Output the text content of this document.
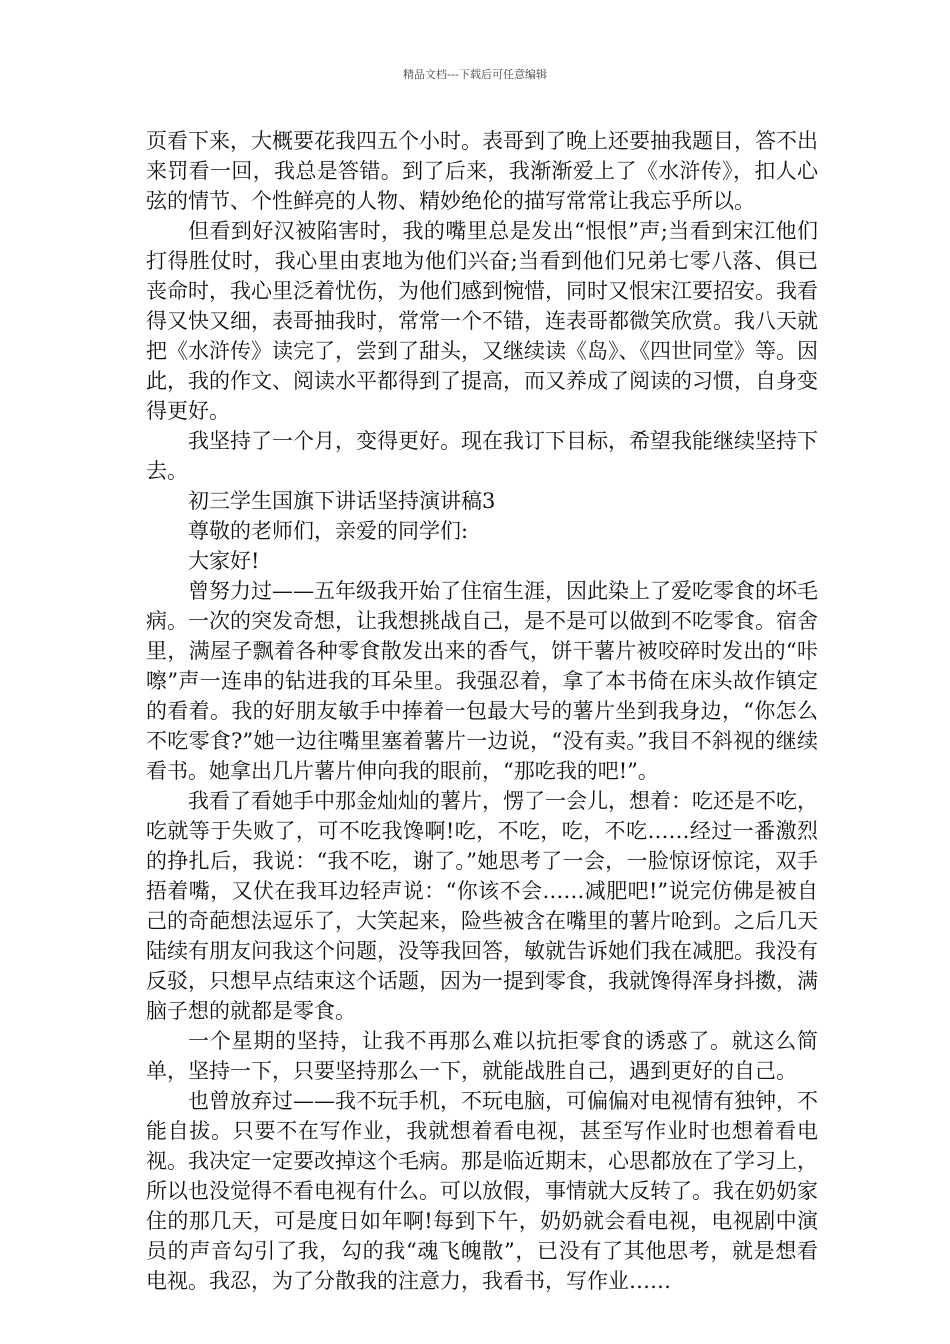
精品文档---下载后可任意编辑

页看下来，大概要花我四五个小时。表哥到了晚上还要抽我题目，答不出来罚看一回，我总是答错。到了后来，我渐渐爱上了《水浒传》，扣人心弦的情节、个性鲜亮的人物、精妙绝伦的描写常常让我忘乎所以。

但看到好汉被陷害时，我的嘴里总是发出“恨恨”声;当看到宋江他们打得胜仗时，我心里由衷地为他们兴奋;当看到他们兄弟七零八落、俱已丧命时，我心里泛着忧伤，为他们感到惋惜，同时又恨宋江要招安。我看得又快又细，表哥抽我时，常常一个不错，连表哥都微笑欣赏。我八天就把《水浒传》读完了，尝到了甜头，又继续读《岛》、《四世同堂》等。因此，我的作文、阅读水平都得到了提高，而又养成了阅读的习惯，自身变得更好。

我坚持了一个月，变得更好。现在我订下目标，希望我能继续坚持下去。

初三学生国旗下讲话坚持演讲稿3

尊敬的老师们，亲爱的同学们:

大家好!

曾努力过——五年级我开始了住宿生涯，因此染上了爱吃零食的坏毛病。一次的突发奇想，让我想挑战自己，是不是可以做到不吃零食。宿舍里，满屋子飘着各种零食散发出来的香气，饼干薯片被咬碎时发出的“咔嚓”声一连串的钻进我的耳朵里。我强忍着，拿了本书倚在床头故作镇定的看着。我的好朋友敏手中捧着一包最大号的薯片坐到我身边，“你怎么不吃零食?”她一边往嘴里塞着薯片一边说，“没有卖。”我目不斜视的继续看书。她拿出几片薯片伸向我的眼前，“那吃我的吧!”。

我看了看她手中那金灿灿的薯片，愣了一会儿，想着：吃还是不吃，吃就等于失败了，可不吃我馋啊!吃，不吃，吃，不吃……经过一番激烈的挣扎后，我说：“我不吃，谢了。”她思考了一会，一脸惊讶惊诧，双手捂着嘴，又伏在我耳边轻声说：“你该不会……减肥吧!”说完仿佛是被自己的奇葩想法逗乐了，大笑起来，险些被含在嘴里的薯片呛到。之后几天陆续有朋友问我这个问题，没等我回答，敏就告诉她们我在减肥。我没有反驳，只想早点结束这个话题，因为一提到零食，我就馋得浑身抖擞，满脑子想的就都是零食。

一个星期的坚持，让我不再那么难以抗拒零食的诱惑了。就这么简单，坚持一下，只要坚持那么一下，就能战胜自己，遇到更好的自己。

也曾放弃过——我不玩手机，不玩电脑，可偏偏对电视情有独钟，不能自拔。只要不在写作业，我就想着看电视，甚至写作业时也想着看电视。我决定一定要改掉这个毛病。那是临近期末，心思都放在了学习上，所以也没觉得不看电视有什么。可以放假，事情就大反转了。我在奶奶家住的那几天，可是度日如年啊!每到下午，奶奶就会看电视，电视剧中演员的声音勾引了我，勾的我“魂飞魄散”，已没有了其他思考，就是想看电视。我忍，为了分散我的注意力，我看书，写作业……
